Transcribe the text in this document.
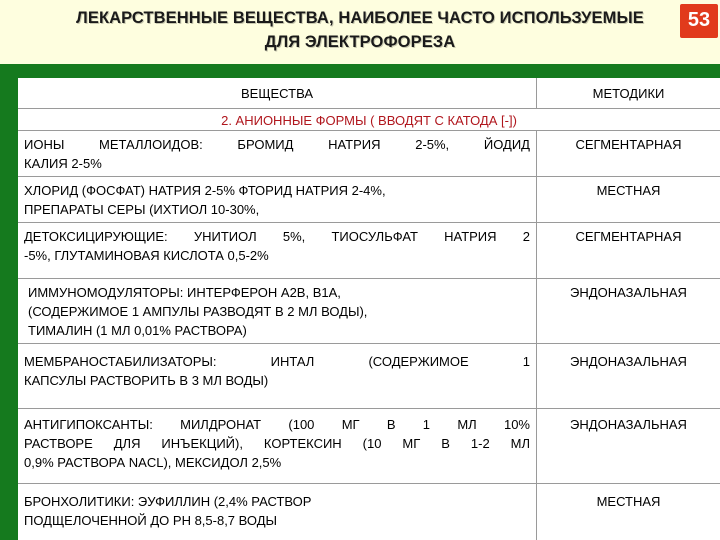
ЛЕКАРСТВЕННЫЕ ВЕЩЕСТВА, НАИБОЛЕЕ ЧАСТО ИСПОЛЬЗУЕМЫЕ
ДЛЯ ЭЛЕКТРОФОРЕЗА
53
ВЕЩЕСТВА	МЕТОДИКИ
2. АНИОННЫЕ ФОРМЫ ( ВВОДЯТ С КАТОДА [-])
ИОНЫ МЕТАЛЛОИДОВ: БРОМИД НАТРИЯ 2-5%, ЙОДИД
КАЛИЯ 2-5%
СЕГМЕНТАРНАЯ
ХЛОРИД (ФОСФАТ) НАТРИЯ 2-5% ФТОРИД НАТРИЯ 2-4%,
ПРЕПАРАТЫ СЕРЫ (ИХТИОЛ 10-30%,
МЕСТНАЯ
ДЕТОКСИЦИРУЮЩИЕ: УНИТИОЛ 5%, ТИОСУЛЬФАТ НАТРИЯ 2
-5%, ГЛУТАМИНОВАЯ КИСЛОТА 0,5-2%
СЕГМЕНТАРНАЯ
ИММУНОМОДУЛЯТОРЫ: ИНТЕРФЕРОН А2В, В1А,
(СОДЕРЖИМОЕ 1 АМПУЛЫ РАЗВОДЯТ В 2 МЛ ВОДЫ),
ТИМАЛИН (1 МЛ 0,01% РАСТВОРА)
ЭНДОНАЗАЛЬНАЯ
МЕМБРАНОСТАБИЛИЗАТОРЫ: ИНТАЛ (СОДЕРЖИМОЕ 1
КАПСУЛЫ РАСТВОРИТЬ В 3 МЛ ВОДЫ)
ЭНДОНАЗАЛЬНАЯ
АНТИГИПОКСАНТЫ: МИЛДРОНАТ (100 МГ В 1 МЛ 10%
РАСТВОРЕ ДЛЯ ИНЪЕКЦИЙ), КОРТЕКСИН (10 МГ В 1-2 МЛ
0,9% РАСТВОРА NACL), МЕКСИДОЛ 2,5%
ЭНДОНАЗАЛЬНАЯ
БРОНХОЛИТИКИ: ЭУФИЛЛИН (2,4% РАСТВОР
ПОДЩЕЛОЧЕННОЙ ДО РН 8,5-8,7 ВОДЫ
МЕСТНАЯ
